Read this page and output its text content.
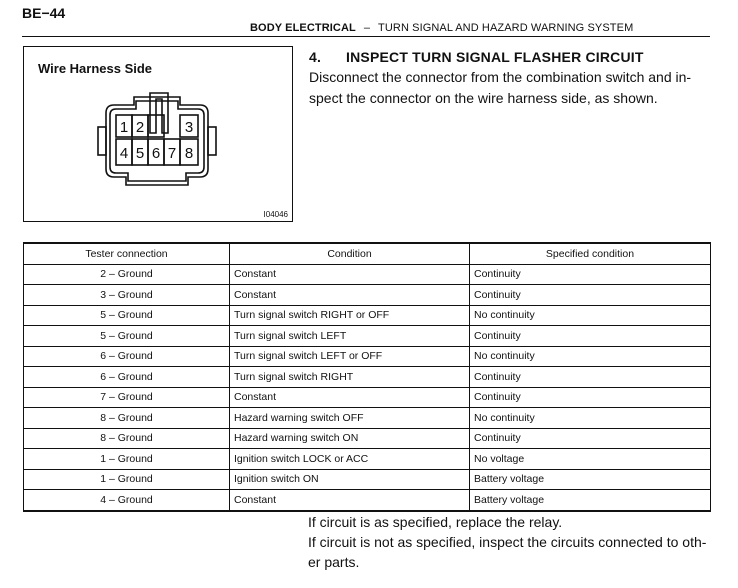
BE−44
BODY ELECTRICAL – TURN SIGNAL AND HAZARD WARNING SYSTEM
Wire Harness Side
1 2	3
4 5 6 7 8
I04046
4. INSPECT TURN SIGNAL FLASHER CIRCUIT
Disconnect the connector from the combination switch and in-
spect the connector on the wire harness side, as shown.
Tester connection	Condition	Specified condition
2 – Ground	Constant	Continuity
3 – Ground	Constant	Continuity
5 – Ground	Turn signal switch RIGHT or OFF	No continuity
5 – Ground	Turn signal switch LEFT	Continuity
6 – Ground	Turn signal switch LEFT or OFF	No continuity
6 – Ground	Turn signal switch RIGHT	Continuity
7 – Ground	Constant	Continuity
8 – Ground	Hazard warning switch OFF	No continuity
8 – Ground	Hazard warning switch ON	Continuity
1 – Ground	Ignition switch LOCK or ACC	No voltage
1 – Ground	Ignition switch ON	Battery voltage
4 – Ground	Constant	Battery voltage
If circuit is as specified, replace the relay.
If circuit is not as specified, inspect the circuits connected to oth-
er parts.
